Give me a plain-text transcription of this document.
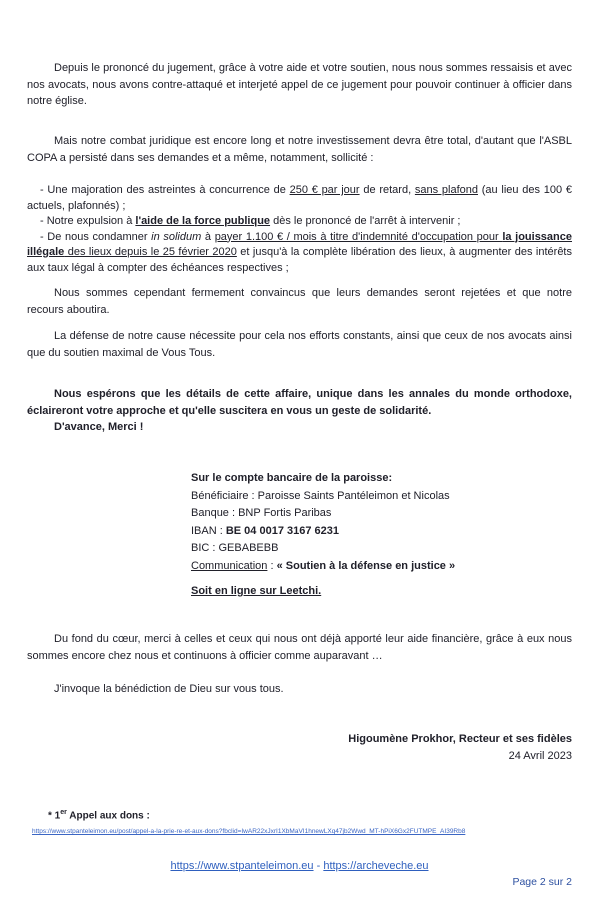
Depuis le prononcé du jugement, grâce à votre aide et votre soutien, nous nous sommes ressaisis et avec nos avocats, nous avons contre-attaqué et interjeté appel de ce jugement pour pouvoir continuer à officier dans notre église.

Mais notre combat juridique est encore long et notre investissement devra être total, d'autant que l'ASBL COPA a persisté dans ses demandes et a même, notamment, sollicité :

- Une majoration des astreintes à concurrence de 250 € par jour de retard, sans plafond (au lieu des 100 € actuels, plafonnés) ;

- Notre expulsion à l'aide de la force publique dès le prononcé de l'arrêt à intervenir ;

- De nous condamner in solidum à payer 1.100 € / mois à titre d'indemnité d'occupation pour la jouissance illégale des lieux depuis le 25 février 2020 et jusqu'à la complète libération des lieux, à augmenter des intérêts aux taux légal à compter des échéances respectives ;

Nous sommes cependant fermement convaincus que leurs demandes seront rejetées et que notre recours aboutira.

La défense de notre cause nécessite pour cela nos efforts constants, ainsi que ceux de nos avocats ainsi que du soutien maximal de Vous Tous.

Nous espérons que les détails de cette affaire, unique dans les annales du monde orthodoxe, éclaireront votre approche et qu'elle suscitera en vous un geste de solidarité.

D'avance, Merci !

Sur le compte bancaire de la paroisse:

Bénéficiaire : Paroisse Saints Pantéleimon et Nicolas

Banque : BNP Fortis Paribas

IBAN : BE 04 0017 3167 6231

BIC : GEBABEBB

Communication : « Soutien à la défense en justice »

Soit en ligne sur Leetchi.

Du fond du cœur, merci à celles et ceux qui nous ont déjà apporté leur aide financière, grâce à eux nous sommes encore chez nous et continuons à officier comme auparavant …

J'invoque la bénédiction de Dieu sur vous tous.

Higoumène Prokhor, Recteur et ses fidèles

24 Avril 2023

* 1er Appel aux dons :

https://www.stpanteleimon.eu/post/appel-a-la-prie-re-et-aux-dons?fbclid=IwAR22xJxrI1XbMaVI1hnewLXq47jb2Wwd_MT-hPiX6Gx2FUTMPE_AI39Rb8
https://www.stpanteleimon.eu - https://archeveche.eu
Page 2 sur 2
